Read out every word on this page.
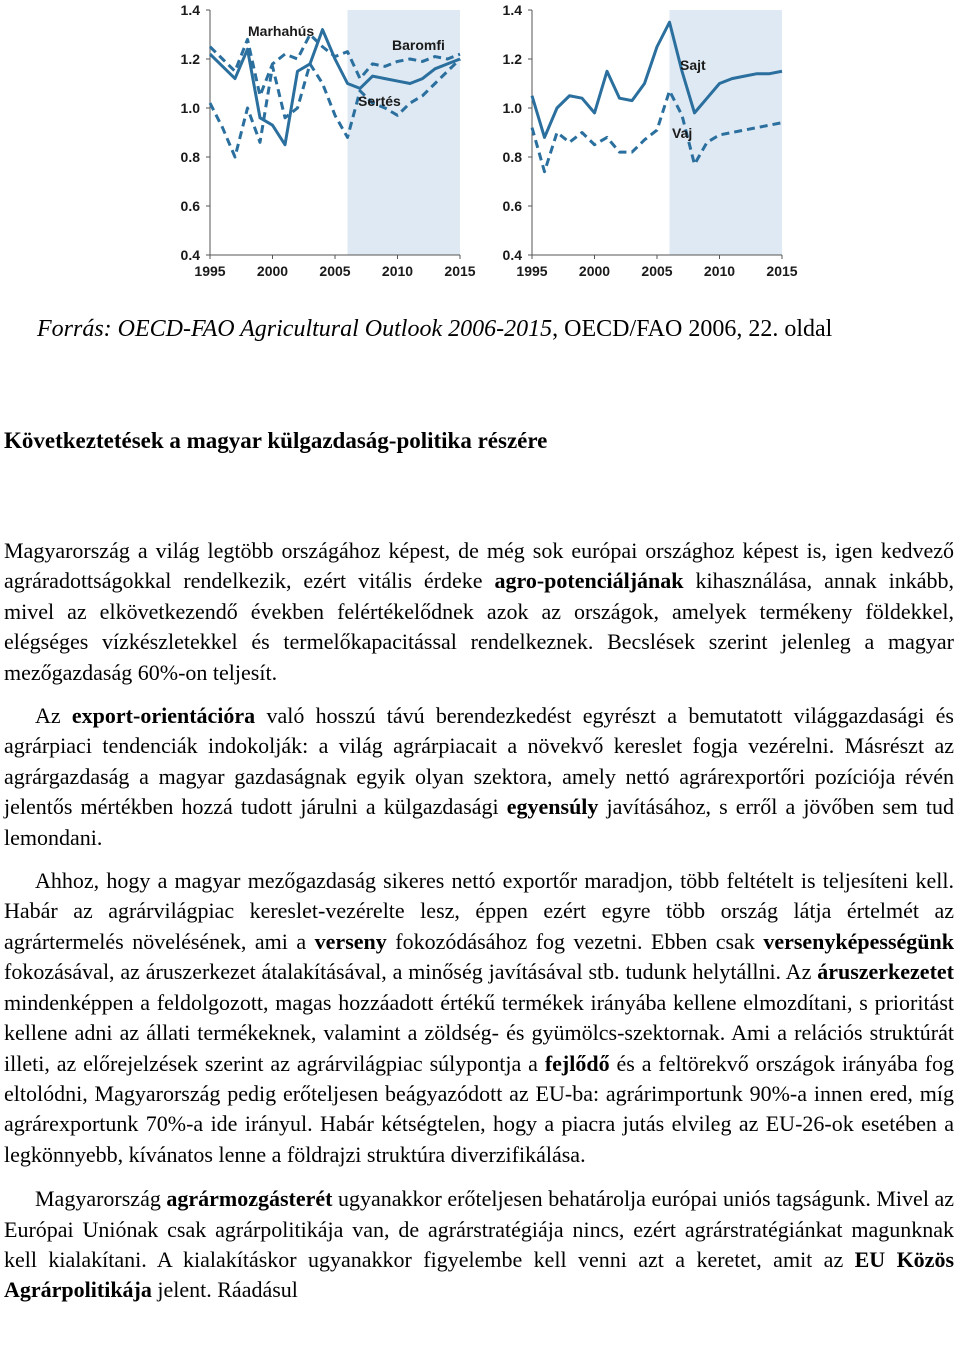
0.4
0.6
0.8
1.0
1.2
1.4
1995 2000 2005 2010 2015
Marhahús
Baromfi
Sertés
0.4
0.6
0.8
1.0
1.2
1.4
1995 2000 2005 2010 2015
Sajt
Vaj
Forrás: OECD-FAO Agricultural Outlook 2006-2015, OECD/FAO 2006, 22. oldal
Következtetések a magyar külgazdaság-politika részére

Magyarország a világ legtöbb országához képest, de még sok európai országhoz képest is, igen kedvező agráradottságokkal rendelkezik, ezért vitális érdeke agro-potenciáljának kihasználása, annak inkább, mivel az elkövetkezendő években felértékelődnek azok az országok, amelyek termékeny földekkel, elégséges vízkészletekkel és termelőkapacitással rendelkeznek. Becslések szerint jelenleg a magyar mezőgazdaság 60%-on teljesít.

Az export-orientációra való hosszú távú berendezkedést egyrészt a bemutatott világgazdasági és agrárpiaci tendenciák indokolják: a világ agrárpiacait a növekvő kereslet fogja vezérelni. Másrészt az agrárgazdaság a magyar gazdaságnak egyik olyan szektora, amely nettó agrárexportőri pozíciója révén jelentős mértékben hozzá tudott járulni a külgazdasági egyensúly javításához, s erről a jövőben sem tud lemondani.

Ahhoz, hogy a magyar mezőgazdaság sikeres nettó exportőr maradjon, több feltételt is teljesíteni kell. Habár az agrárvilágpiac kereslet-vezérelte lesz, éppen ezért egyre több ország látja értelmét az agrártermelés növelésének, ami a verseny fokozódásához fog vezetni. Ebben csak versenyképességünk fokozásával, az áruszerkezet átalakításával, a minőség javításával stb. tudunk helytállni. Az áruszerkezetet mindenképpen a feldolgozott, magas hozzáadott értékű termékek irányába kellene elmozdítani, s prioritást kellene adni az állati termékeknek, valamint a zöldség- és gyümölcs-szektornak. Ami a relációs struktúrát illeti, az előrejelzések szerint az agrárvilágpiac súlypontja a fejlődő és a feltörekvő országok irányába fog eltolódni, Magyarország pedig erőteljesen beágyazódott az EU-ba: agrárimportunk 90%-a innen ered, míg agrárexportunk 70%-a ide irányul. Habár kétségtelen, hogy a piacra jutás elvileg az EU-26-ok esetében a legkönnyebb, kívánatos lenne a földrajzi struktúra diverzifikálása.

Magyarország agrármozgásterét ugyanakkor erőteljesen behatárolja európai uniós tagságunk. Mivel az Európai Uniónak csak agrárpolitikája van, de agrárstratégiája nincs, ezért agrárstratégiánkat magunknak kell kialakítani. A kialakításkor ugyanakkor figyelembe kell venni azt a keretet, amit az EU Közös Agrárpolitikája jelent. Ráadásul
